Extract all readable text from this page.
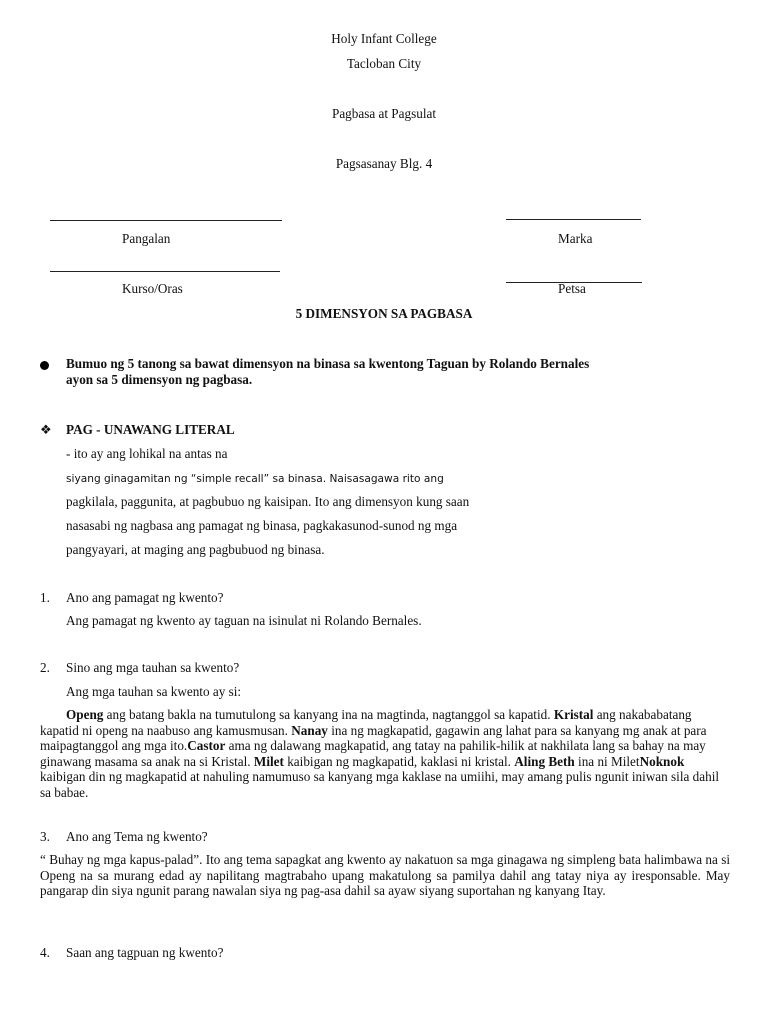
Holy Infant College
Tacloban City
Pagbasa at Pagsulat
Pagsasanay Blg. 4
Pangalan	Marka
Kurso/Oras	Petsa
5 DIMENSYON SA PAGBASA
Bumuo ng 5 tanong sa bawat dimensyon na binasa sa kwentong Taguan by Rolando Bernales
ayon sa 5 dimensyon ng pagbasa.
❖ PAG - UNAWANG LITERAL
- ito ay ang lohikal na antas na
siyang ginagamitan ng “simple recall” sa binasa. Naisasagawa rito ang
pagkilala, paggunita, at pagbubuo ng kaisipan. Ito ang dimensyon kung saan
nasasabi ng nagbasa ang pamagat ng binasa, pagkakasunod-sunod ng mga
pangyayari, at maging ang pagbubuod ng binasa.
1. Ano ang pamagat ng kwento?
Ang pamagat ng kwento ay taguan na isinulat ni Rolando Bernales.
2. Sino ang mga tauhan sa kwento?
Ang mga tauhan sa kwento ay si:
Openg ang batang bakla na tumutulong sa kanyang ina na magtinda, nagtanggol sa kapatid. Kristal ang nakababatang kapatid ni openg na naabuso ang kamusmusan. Nanay ina ng magkapatid, gagawin ang lahat para sa kanyang mg anak at para maipagtanggol ang mga ito.Castor ama ng dalawang magkapatid, ang tatay na pahilik-hilik at nakhilata lang sa bahay na may ginawang masama sa anak na si Kristal. Milet kaibigan ng magkapatid, kaklasi ni kristal. Aling Beth ina ni MiletNoknok kaibigan din ng magkapatid at nahuling namumuso sa kanyang mga kaklase na umiihi, may amang pulis ngunit iniwan sila dahil sa babae.
3. Ano ang Tema ng kwento?
“ Buhay ng mga kapus-palad”. Ito ang tema sapagkat ang kwento ay nakatuon sa mga ginagawa ng simpleng bata halimbawa na si Openg na sa murang edad ay napilitang magtrabaho upang makatulong sa pamilya dahil ang tatay niya ay iresponsable. May pangarap din siya ngunit parang nawalan siya ng pag-asa dahil sa ayaw siyang suportahan ng kanyang Itay.
4. Saan ang tagpuan ng kwento?
